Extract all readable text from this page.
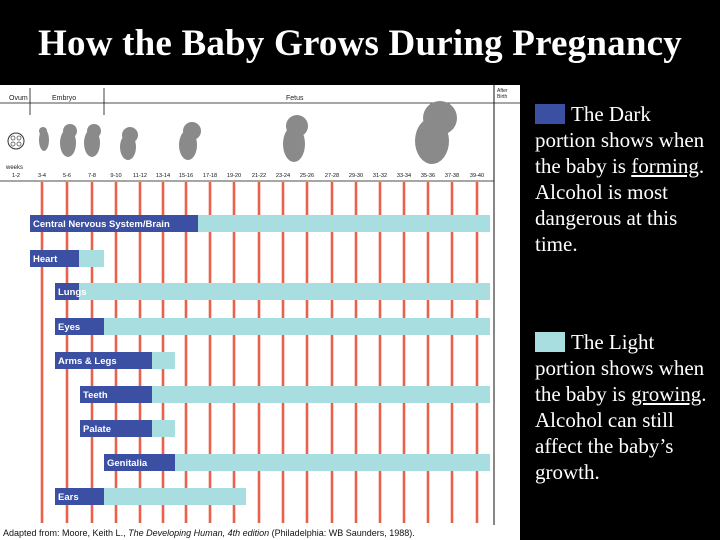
How the Baby Grows During Pregnancy
Ovum	Embryo	Fetus
After Birth
weeks
1-2	3-4	5-6	7-8	9-10 11-12 13-14 15-16 17-18 19-20 21-22 23-24 25-26 27-28 29-30 31-32 33-34 35-36 37-38 39-40
Central Nervous System/Brain
Heart
Lungs
Eyes
Arms & Legs
Teeth
Palate
Genitalia
Ears
Adapted from: Moore, Keith L., The Developing Human, 4th edition (Philadelphia: WB Saunders, 1988).
The Dark portion shows when the baby is forming. Alcohol is most dangerous at this time.
The Light portion shows when the baby is growing. Alcohol can still affect the baby’s growth.
